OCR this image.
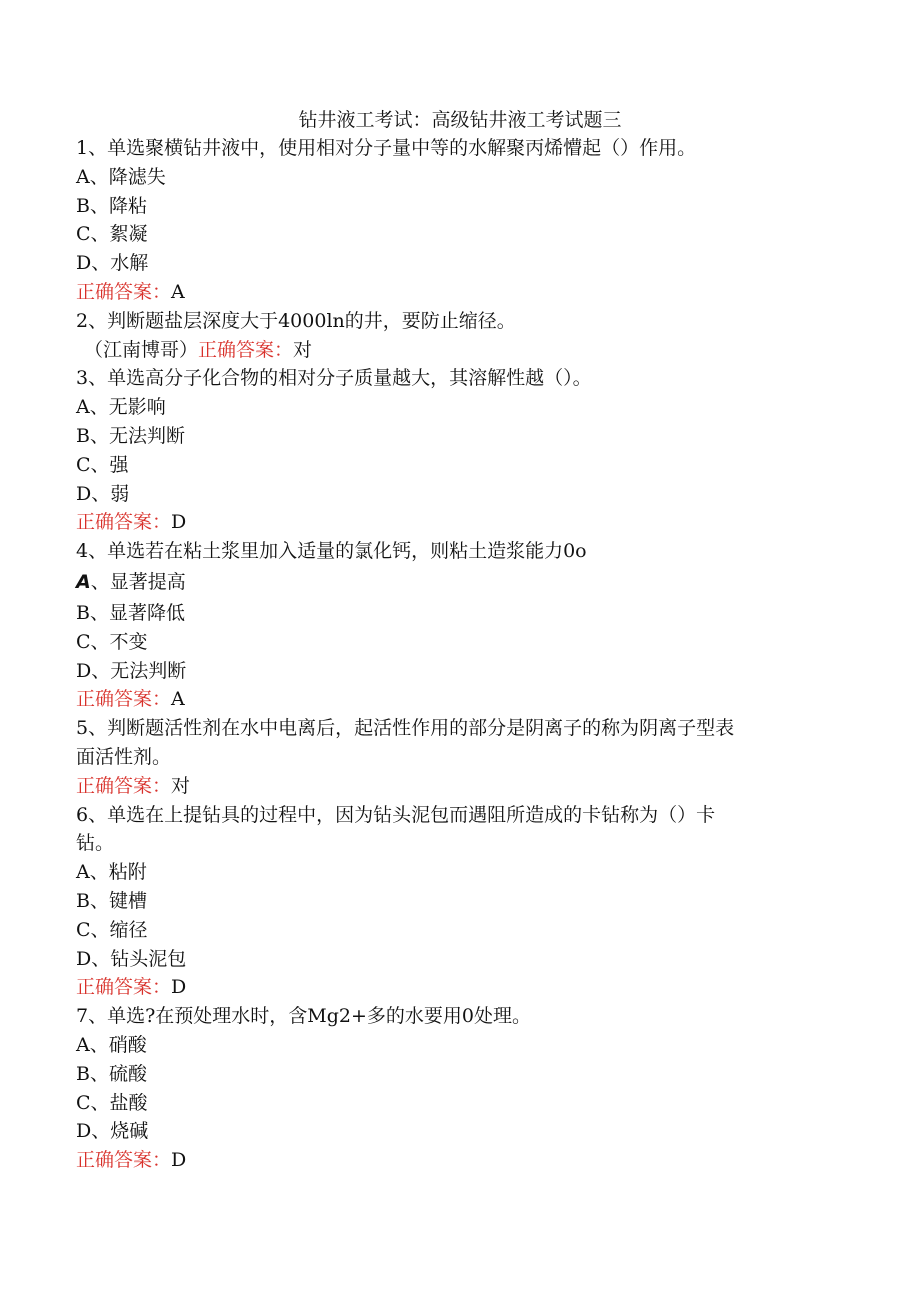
钻井液工考试：高级钻井液工考试题三
1、单选聚横钻井液中，使用相对分子量中等的水解聚丙烯懵起（）作用。
A、降滤失
B、降粘
C、絮凝
D、水解
正确答案：A
2、判断题盐层深度大于4000ln的井，要防止缩径。
（江南博哥）正确答案：对
3、单选高分子化合物的相对分子质量越大，其溶解性越（）。
A、无影响
B、无法判断
C、强
D、弱
正确答案：D
4、单选若在粘土浆里加入适量的氯化钙，则粘土造浆能力0o
A、显著提高
B、显著降低
C、不变
D、无法判断
正确答案：A
5、判断题活性剂在水中电离后，起活性作用的部分是阴离子的称为阴离子型表
面活性剂。
正确答案：对
6、单选在上提钻具的过程中，因为钻头泥包而遇阻所造成的卡钻称为（）卡
钻。
A、粘附
B、键槽
C、缩径
D、钻头泥包
正确答案：D
7、单选?在预处理水时，含Mg2+多的水要用0处理。
A、硝酸
B、硫酸
C、盐酸
D、烧碱
正确答案：D
